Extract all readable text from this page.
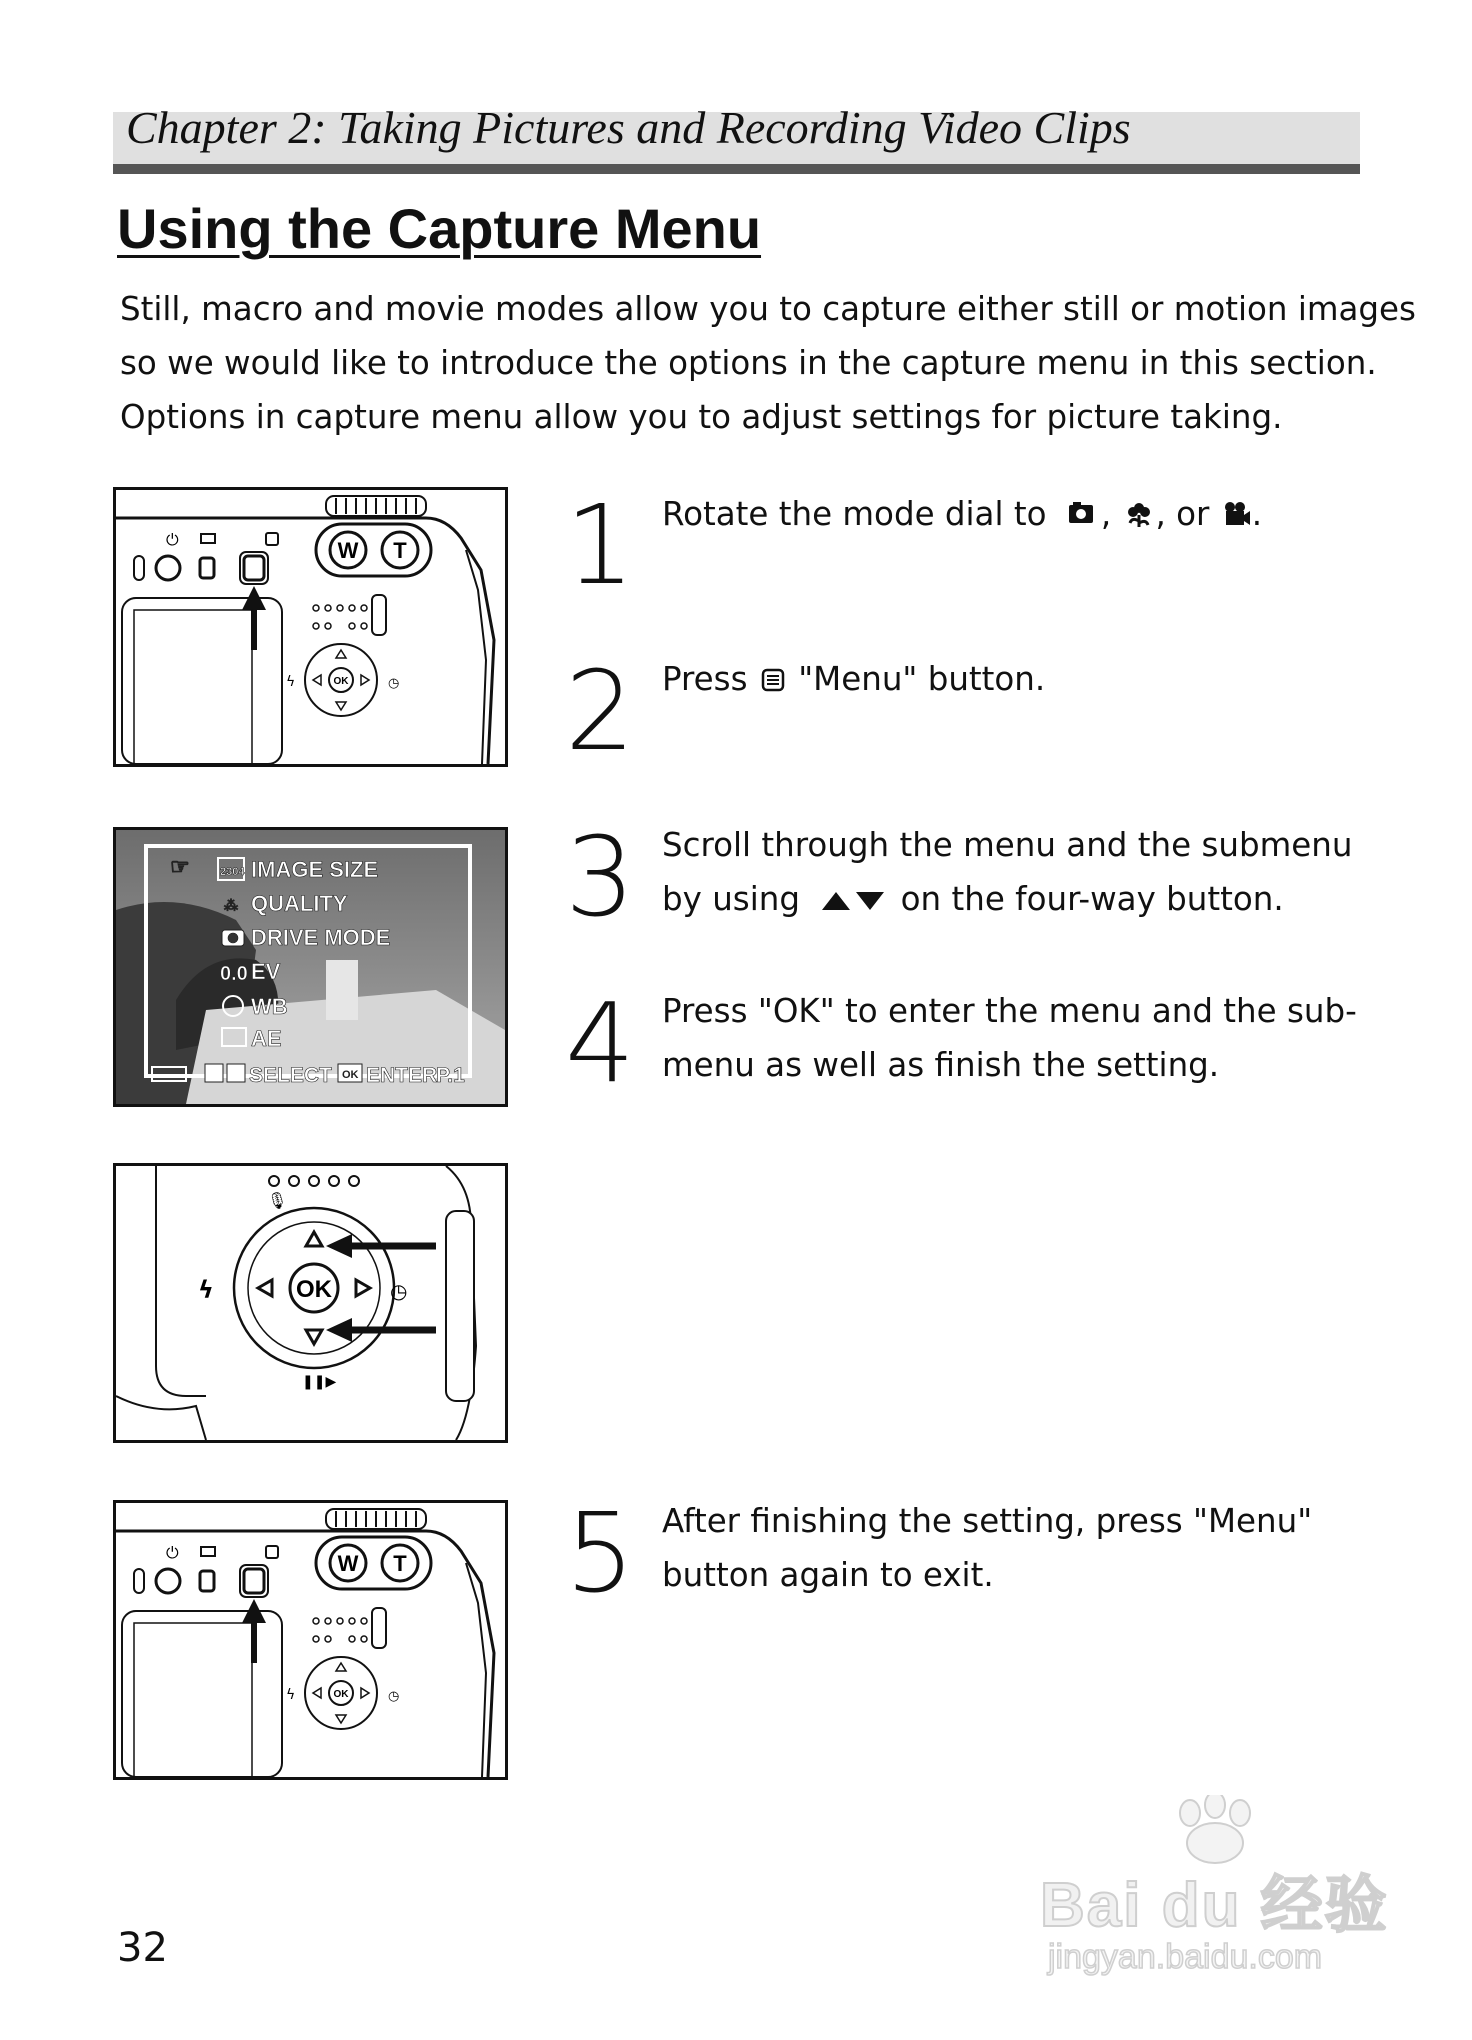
Chapter 2: Taking Pictures and Recording Video Clips
Using the Capture Menu

Still, macro and movie modes allow you to capture either still or motion images

so we would like to introduce the options in the capture menu in this section.

Options in capture menu allow you to adjust settings for picture taking.

W T
⏻
OK
ϟ	◷
☞	2304 IMAGE SIZE
⁂ QUALITY
DRIVE MODE
0.0 EV
WB
AE
SELECT OK ENTER
P.1
🎙
OK
ϟ	◷
❚❚▶
W T
⏻
OK
ϟ	◷
1 Rotate the mode dial to , , or .

2 Press "Menu" button.

3 Scroll through the menu and the submenu

by using	on the four-way button.

4 Press "OK" to enter the menu and the sub-

menu as well as finish the setting.

5 After finishing the setting, press "Menu"

button again to exit.

32
Bai du 经验
jingyan.baidu.com
